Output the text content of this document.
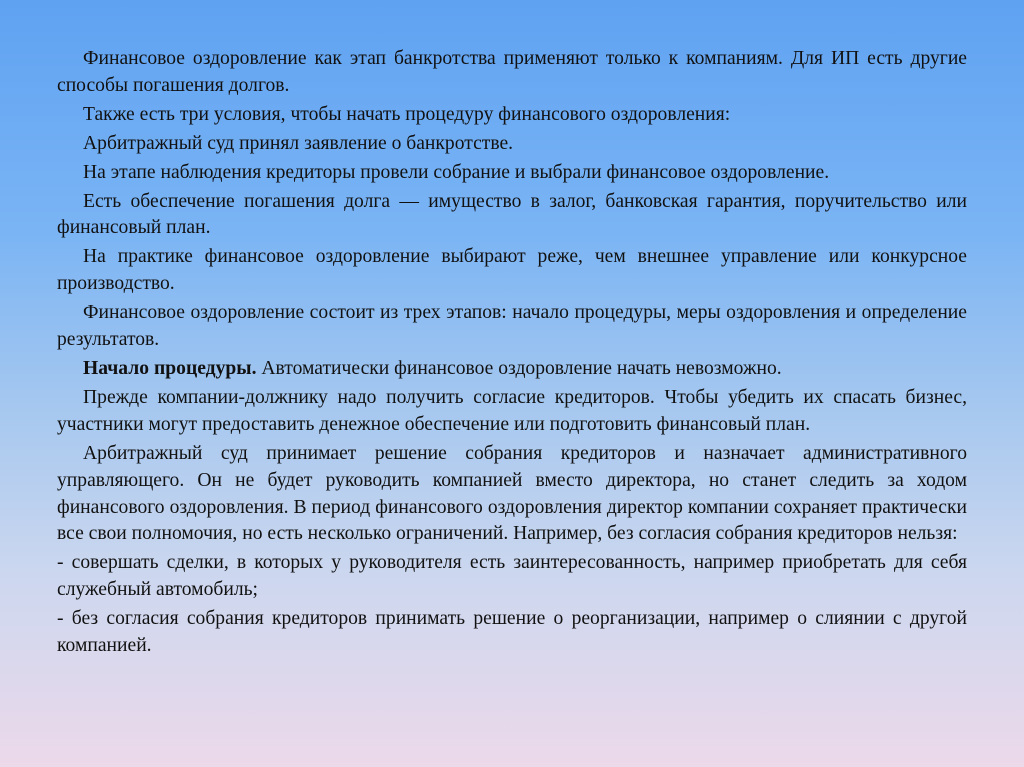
Финансовое оздоровление как этап банкротства применяют только к компаниям. Для ИП есть другие способы погашения долгов.

Также есть три условия, чтобы начать процедуру финансового оздоровления:

Арбитражный суд принял заявление о банкротстве.

На этапе наблюдения кредиторы провели собрание и выбрали финансовое оздоровление.

Есть обеспечение погашения долга — имущество в залог, банковская гарантия, поручительство или финансовый план.

На практике финансовое оздоровление выбирают реже, чем внешнее управление или конкурсное производство.

Финансовое оздоровление состоит из трех этапов: начало процедуры, меры оздоровления и определение результатов.

Начало процедуры. Автоматически финансовое оздоровление начать невозможно.

Прежде компании-должнику надо получить согласие кредиторов. Чтобы убедить их спасать бизнес, участники могут предоставить денежное обеспечение или подготовить финансовый план.

Арбитражный суд принимает решение собрания кредиторов и назначает административного управляющего. Он не будет руководить компанией вместо директора, но станет следить за ходом финансового оздоровления. В период финансового оздоровления директор компании сохраняет практически все свои полномочия, но есть несколько ограничений. Например, без согласия собрания кредиторов нельзя:

- совершать сделки, в которых у руководителя есть заинтересованность, например приобретать для себя служебный автомобиль;

- без согласия собрания кредиторов принимать решение о реорганизации, например о слиянии с другой компанией.
